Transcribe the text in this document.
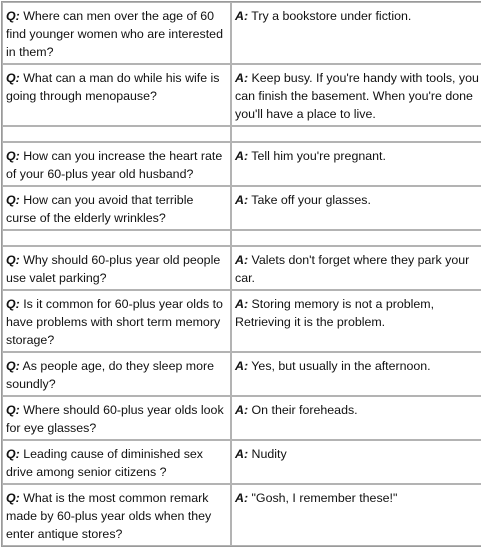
Q: Where can men over the age of 60 find younger women who are interested in them?	A: Try a bookstore under fiction.
Q: What can a man do while his wife is going through menopause?	A: Keep busy. If you're handy with tools, you can finish the basement. When you're done you'll have a place to live.

Q: How can you increase the heart rate of your 60-plus year old husband?	A: Tell him you're pregnant.
Q: How can you avoid that terrible curse of the elderly wrinkles?	A: Take off your glasses.

Q: Why should 60-plus year old people use valet parking?	A: Valets don't forget where they park your car.
Q: Is it common for 60-plus year olds to have problems with short term memory storage?	A: Storing memory is not a problem, Retrieving it is the problem.
Q: As people age, do they sleep more soundly?	A: Yes, but usually in the afternoon.
Q: Where should 60-plus year olds look for eye glasses?	A: On their foreheads.
Q: Leading cause of diminished sex drive among senior citizens ?	A: Nudity
Q: What is the most common remark made by 60-plus year olds when they enter antique stores?	A: "Gosh, I remember these!"
